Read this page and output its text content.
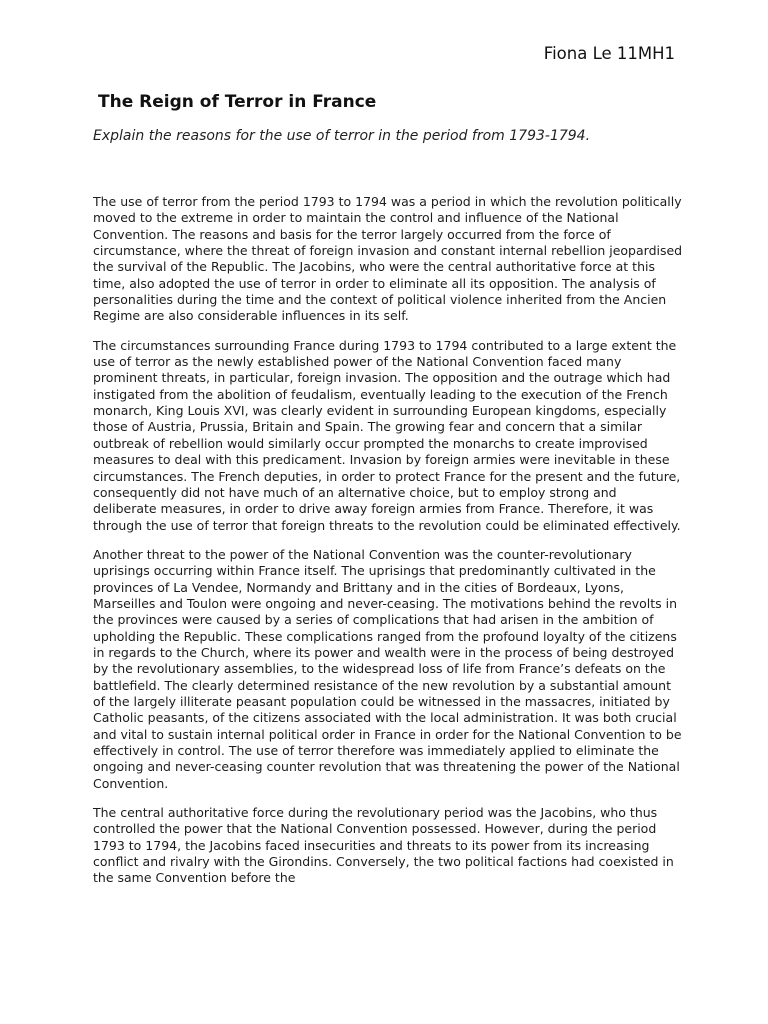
Fiona Le 11MH1
The Reign of Terror in France

Explain the reasons for the use of terror in the period from 1793-1794.

The use of terror from the period 1793 to 1794 was a period in which the revolution politically moved to the extreme in order to maintain the control and influence of the National Convention. The reasons and basis for the terror largely occurred from the force of circumstance, where the threat of foreign invasion and constant internal rebellion jeopardised the survival of the Republic. The Jacobins, who were the central authoritative force at this time, also adopted the use of terror in order to eliminate all its opposition. The analysis of personalities during the time and the context of political violence inherited from the Ancien Regime are also considerable influences in its self.

The circumstances surrounding France during 1793 to 1794 contributed to a large extent the use of terror as the newly established power of the National Convention faced many prominent threats, in particular, foreign invasion. The opposition and the outrage which had instigated from the abolition of feudalism, eventually leading to the execution of the French monarch, King Louis XVI, was clearly evident in surrounding European kingdoms, especially those of Austria, Prussia, Britain and Spain. The growing fear and concern that a similar outbreak of rebellion would similarly occur prompted the monarchs to create improvised measures to deal with this predicament. Invasion by foreign armies were inevitable in these circumstances. The French deputies, in order to protect France for the present and the future, consequently did not have much of an alternative choice, but to employ strong and deliberate measures, in order to drive away foreign armies from France. Therefore, it was through the use of terror that foreign threats to the revolution could be eliminated effectively.

Another threat to the power of the National Convention was the counter-revolutionary uprisings occurring within France itself. The uprisings that predominantly cultivated in the provinces of La Vendee, Normandy and Brittany and in the cities of Bordeaux, Lyons, Marseilles and Toulon were ongoing and never-ceasing. The motivations behind the revolts in the provinces were caused by a series of complications that had arisen in the ambition of upholding the Republic. These complications ranged from the profound loyalty of the citizens in regards to the Church, where its power and wealth were in the process of being destroyed by the revolutionary assemblies, to the widespread loss of life from France’s defeats on the battlefield. The clearly determined resistance of the new revolution by a substantial amount of the largely illiterate peasant population could be witnessed in the massacres, initiated by Catholic peasants, of the citizens associated with the local administration. It was both crucial and vital to sustain internal political order in France in order for the National Convention to be effectively in control. The use of terror therefore was immediately applied to eliminate the ongoing and never-ceasing counter revolution that was threatening the power of the National Convention.

The central authoritative force during the revolutionary period was the Jacobins, who thus controlled the power that the National Convention possessed. However, during the period 1793 to 1794, the Jacobins faced insecurities and threats to its power from its increasing conflict and rivalry with the Girondins. Conversely, the two political factions had coexisted in the same Convention before the
